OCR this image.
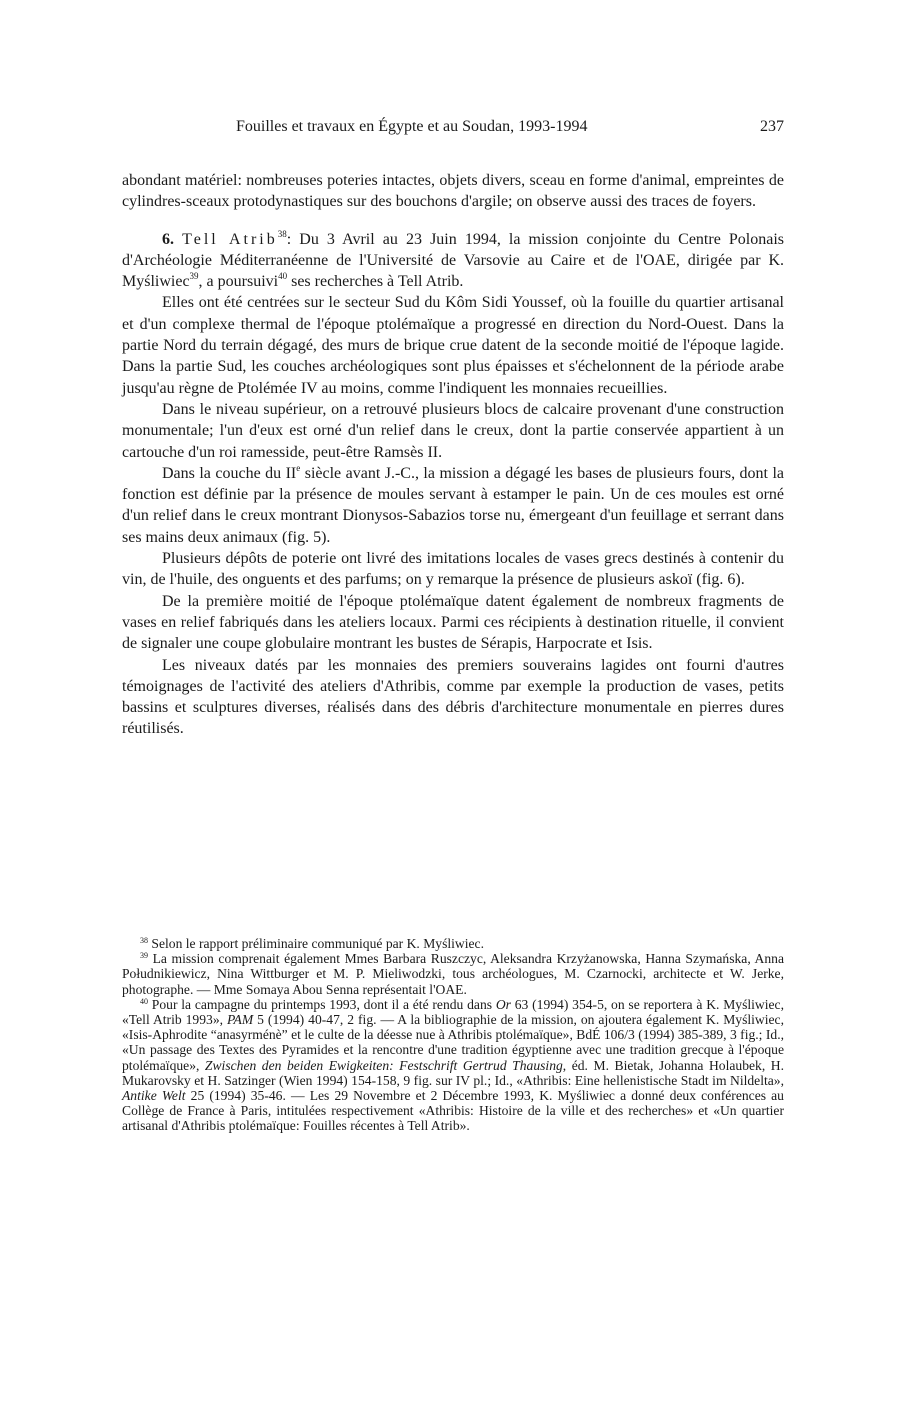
Fouilles et travaux en Égypte et au Soudan, 1993-1994	237

abondant matériel: nombreuses poteries intactes, objets divers, sceau en forme d'animal, empreintes de cylindres-sceaux protodynastiques sur des bouchons d'argile; on observe aussi des traces de foyers.

6. Tell Atrib$^{38}$: Du 3 Avril au 23 Juin 1994, la mission conjointe du Centre Polonais d'Archéologie Méditerranéenne de l'Université de Varsovie au Caire et de l'OAE, dirigée par K. Myśliwiec$^{39}$, a poursuivi$^{40}$ ses recherches à Tell Atrib.

Elles ont été centrées sur le secteur Sud du Kôm Sidi Youssef, où la fouille du quartier artisanal et d'un complexe thermal de l'époque ptolémaïque a progressé en direction du Nord-Ouest. Dans la partie Nord du terrain dégagé, des murs de brique crue datent de la seconde moitié de l'époque lagide. Dans la partie Sud, les couches archéologiques sont plus épaisses et s'échelonnent de la période arabe jusqu'au règne de Ptolémée IV au moins, comme l'indiquent les monnaies recueillies.

Dans le niveau supérieur, on a retrouvé plusieurs blocs de calcaire provenant d'une construction monumentale; l'un d'eux est orné d'un relief dans le creux, dont la partie conservée appartient à un cartouche d'un roi ramesside, peut-être Ramsès II.

Dans la couche du IIe siècle avant J.-C., la mission a dégagé les bases de plusieurs fours, dont la fonction est définie par la présence de moules servant à estamper le pain. Un de ces moules est orné d'un relief dans le creux montrant Dionysos-Sabazios torse nu, émergeant d'un feuillage et serrant dans ses mains deux animaux (fig. 5).

Plusieurs dépôts de poterie ont livré des imitations locales de vases grecs destinés à contenir du vin, de l'huile, des onguents et des parfums; on y remarque la présence de plusieurs askoï (fig. 6).

De la première moitié de l'époque ptolémaïque datent également de nombreux fragments de vases en relief fabriqués dans les ateliers locaux. Parmi ces récipients à destination rituelle, il convient de signaler une coupe globulaire montrant les bustes de Sérapis, Harpocrate et Isis.

Les niveaux datés par les monnaies des premiers souverains lagides ont fourni d'autres témoignages de l'activité des ateliers d'Athribis, comme par exemple la production de vases, petits bassins et sculptures diverses, réalisés dans des débris d'architecture monumentale en pierres dures réutilisés.

$^{38}$ Selon le rapport préliminaire communiqué par K. Myśliwiec.

$^{39}$ La mission comprenait également Mmes Barbara Ruszczyc, Aleksandra Krzyżanowska, Hanna Szymańska, Anna Południkiewicz, Nina Wittburger et M. P. Mieliwodzki, tous archéologues, M. Czarnocki, architecte et W. Jerke, photographe. — Mme Somaya Abou Senna représentait l'OAE.

$^{40}$ Pour la campagne du printemps 1993, dont il a été rendu dans Or 63 (1994) 354-5, on se reportera à K. Myśliwiec, «Tell Atrib 1993», PAM 5 (1994) 40-47, 2 fig. — A la bibliographie de la mission, on ajoutera également K. Myśliwiec, «Isis-Aphrodite “anasyrménè” et le culte de la déesse nue à Athribis ptolémaïque», BdÉ 106/3 (1994) 385-389, 3 fig.; Id., «Un passage des Textes des Pyramides et la rencontre d'une tradition égyptienne avec une tradition grecque à l'époque ptolémaïque», Zwischen den beiden Ewigkeiten: Festschrift Gertrud Thausing, éd. M. Bietak, Johanna Holaubek, H. Mukarovsky et H. Satzinger (Wien 1994) 154-158, 9 fig. sur IV pl.; Id., «Athribis: Eine hellenistische Stadt im Nildelta», Antike Welt 25 (1994) 35-46. — Les 29 Novembre et 2 Décembre 1993, K. Myśliwiec a donné deux conférences au Collège de France à Paris, intitulées respectivement «Athribis: Histoire de la ville et des recherches» et «Un quartier artisanal d'Athribis ptolémaïque: Fouilles récentes à Tell Atrib».
